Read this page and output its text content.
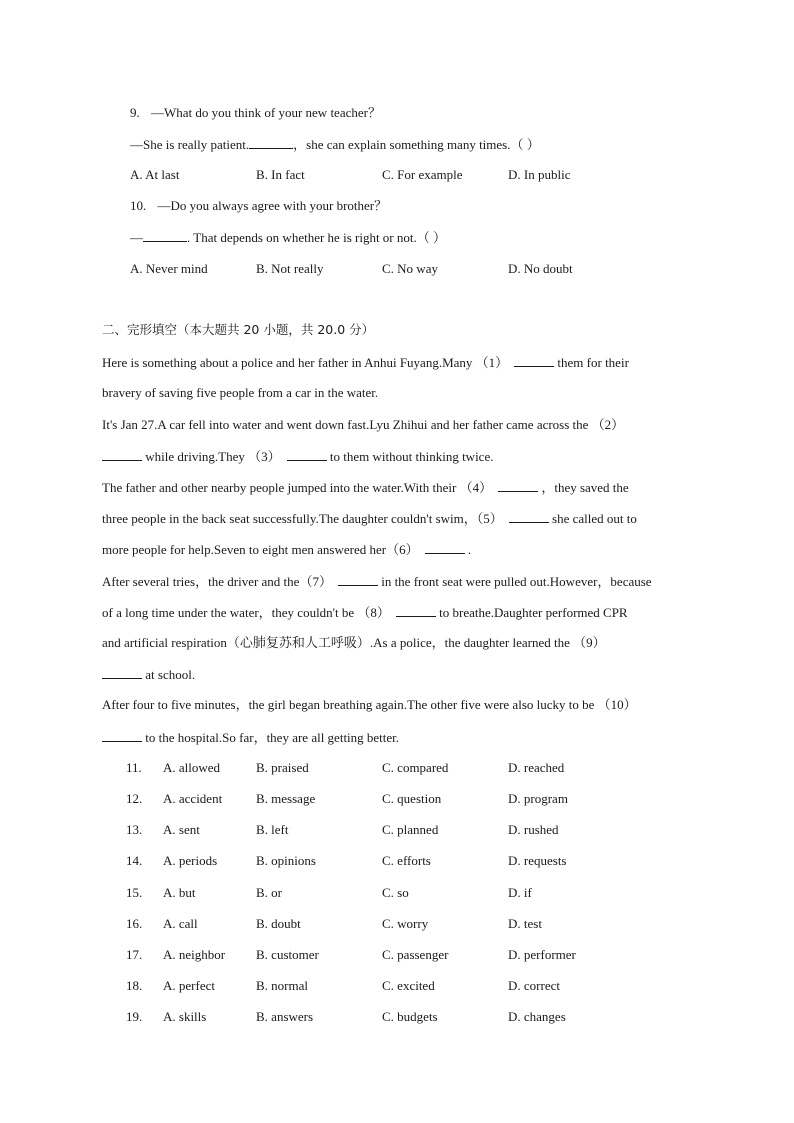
9. —What do you think of your new teacher？
—She is really patient.	，she can explain something many times.（ ）
A. At last	B. In fact	C. For example	D. In public
10. —Do you always agree with your brother？
—	. That depends on whether he is right or not.（ ）
A. Never mind	B. Not really	C. No way	D. No doubt
二、完形填空（本大题共 20 小题，共 20.0 分）
Here is something about a police and her father in Anhui Fuyang.Many （1）	them for their
bravery of saving five people from a car in the water.
It's Jan 27.A car fell into water and went down fast.Lyu Zhihui and her father came across the （2）
while driving.They （3）	to them without thinking twice.
The father and other nearby people jumped into the water.With their （4）	，they saved the
three people in the back seat successfully.The daughter couldn't swim，（5）	she called out to
more people for help.Seven to eight men answered her（6）	.
After several tries，the driver and the（7）	in the front seat were pulled out.However，because
of a long time under the water，they couldn't be （8）	to breathe.Daughter performed CPR
and artificial respiration（心肺复苏和人工呼吸）.As a police，the daughter learned the （9）
at school.
After four to five minutes，the girl began breathing again.The other five were also lucky to be （10）
to the hospital.So far，they are all getting better.
11. A. allowed	B. praised	C. compared	D. reached
12. A. accident	B. message	C. question	D. program
13. A. sent	B. left	C. planned	D. rushed
14. A. periods	B. opinions	C. efforts	D. requests
15. A. but	B. or	C. so	D. if
16. A. call	B. doubt	C. worry	D. test
17. A. neighbor B. customer	C. passenger	D. performer
18. A. perfect	B. normal	C. excited	D. correct
19. A. skills	B. answers	C. budgets	D. changes
